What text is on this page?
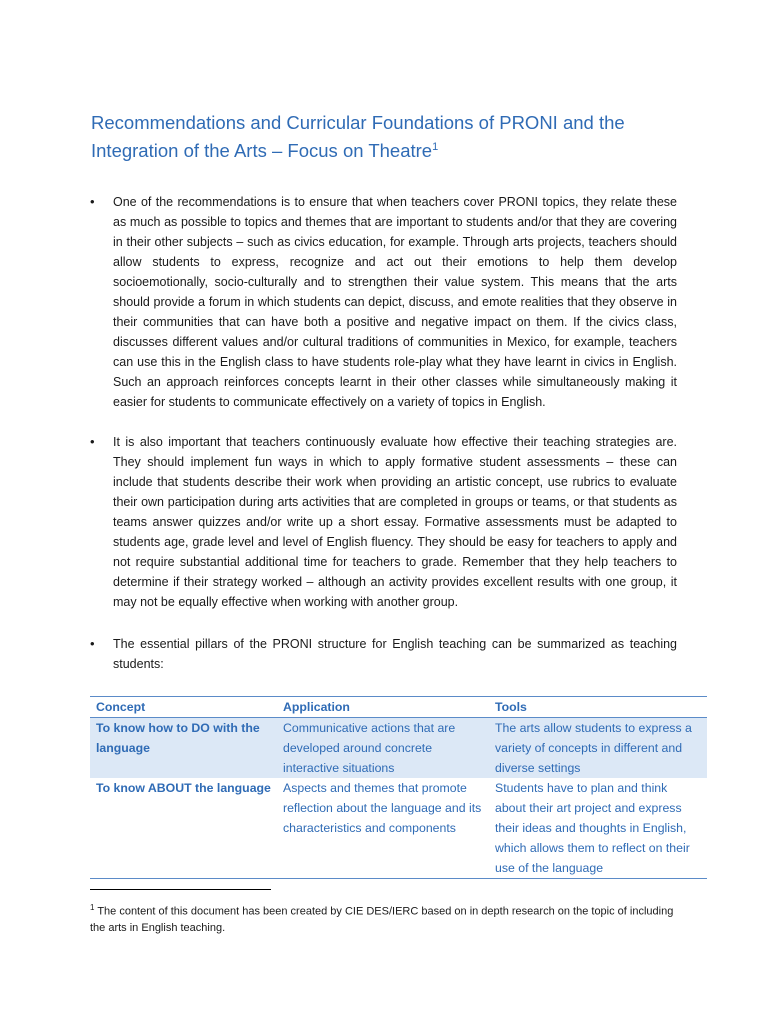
Recommendations and Curricular Foundations of PRONI and the Integration of the Arts – Focus on Theatre$^1$
• One of the recommendations is to ensure that when teachers cover PRONI topics, they relate these as much as possible to topics and themes that are important to students and/or that they are covering in their other subjects – such as civics education, for example. Through arts projects, teachers should allow students to express, recognize and act out their emotions to help them develop socioemotionally, socio-culturally and to strengthen their value system. This means that the arts should provide a forum in which students can depict, discuss, and emote realities that they observe in their communities that can have both a positive and negative impact on them. If the civics class, discusses different values and/or cultural traditions of communities in Mexico, for example, teachers can use this in the English class to have students role-play what they have learnt in civics in English. Such an approach reinforces concepts learnt in their other classes while simultaneously making it easier for students to communicate effectively on a variety of topics in English.
• It is also important that teachers continuously evaluate how effective their teaching strategies are. They should implement fun ways in which to apply formative student assessments – these can include that students describe their work when providing an artistic concept, use rubrics to evaluate their own participation during arts activities that are completed in groups or teams, or that students as teams answer quizzes and/or write up a short essay. Formative assessments must be adapted to students age, grade level and level of English fluency. They should be easy for teachers to apply and not require substantial additional time for teachers to grade. Remember that they help teachers to determine if their strategy worked – although an activity provides excellent results with one group, it may not be equally effective when working with another group.
• The essential pillars of the PRONI structure for English teaching can be summarized as teaching students:
Concept	Application	Tools
To know how to DO with the language	Communicative actions that are developed around concrete interactive situations	The arts allow students to express a variety of concepts in different and diverse settings
To know ABOUT the language	Aspects and themes that promote reflection about the language and its characteristics and components	Students have to plan and think about their art project and express their ideas and thoughts in English, which allows them to reflect on their use of the language
$^1$ The content of this document has been created by CIE DES/IERC based on in depth research on the topic of including the arts in English teaching.
